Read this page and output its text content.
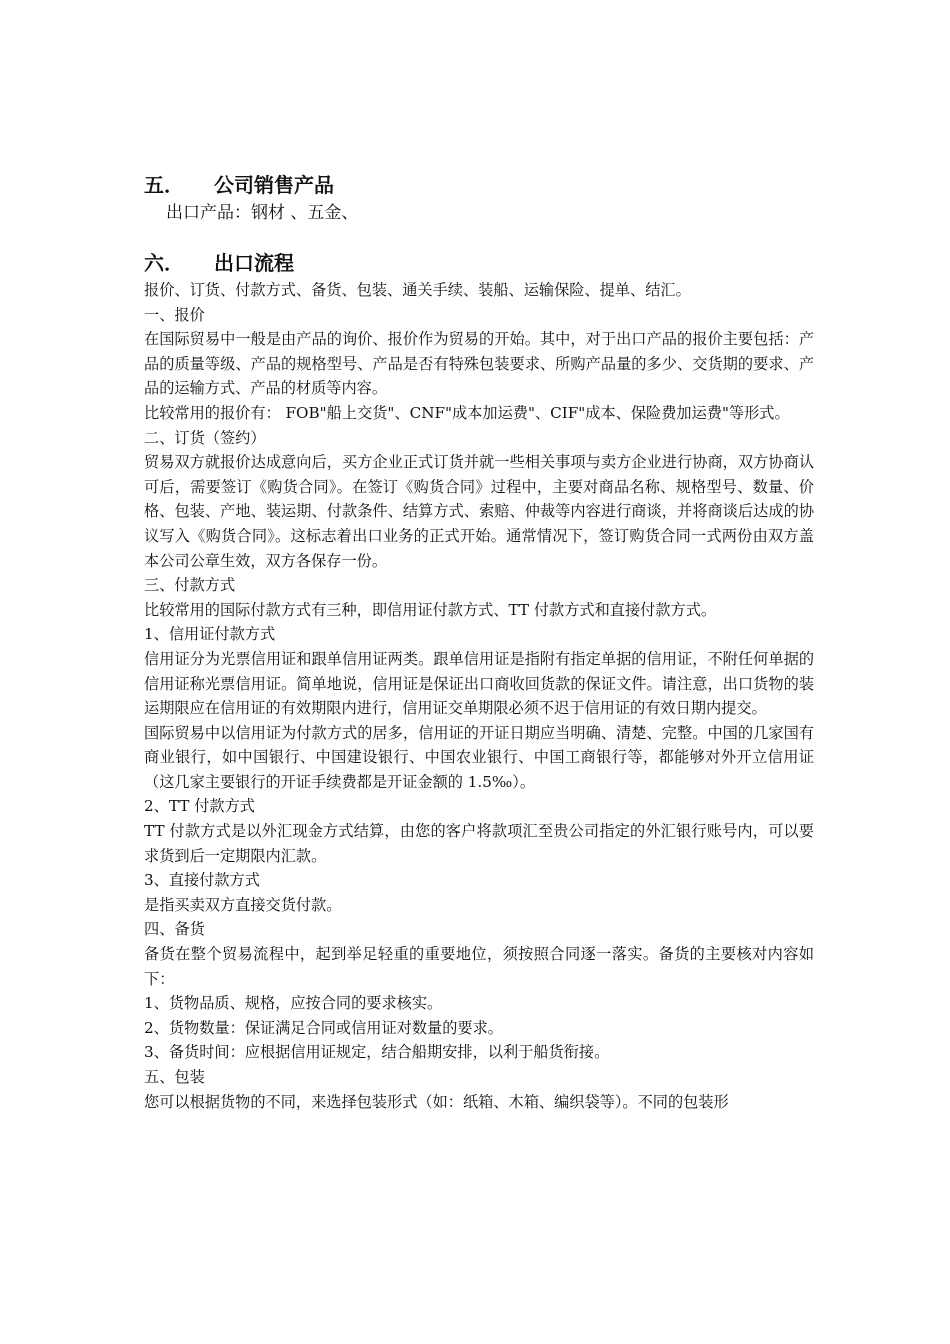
五． 公司销售产品

出口产品：钢材 、五金、

六． 出口流程

报价、订货、付款方式、备货、包装、通关手续、装船、运输保险、提单、结汇。

一、报价

在国际贸易中一般是由产品的询价、报价作为贸易的开始。其中，对于出口产品的报价主要包括：产品的质量等级、产品的规格型号、产品是否有特殊包装要求、所购产品量的多少、交货期的要求、产品的运输方式、产品的材质等内容。

比较常用的报价有： FOB"船上交货"、CNF"成本加运费"、CIF"成本、保险费加运费"等形式。

二、订货（签约）

贸易双方就报价达成意向后，买方企业正式订货并就一些相关事项与卖方企业进行协商，双方协商认可后，需要签订《购货合同》。在签订《购货合同》过程中，主要对商品名称、规格型号、数量、价格、包装、产地、装运期、付款条件、结算方式、索赔、仲裁等内容进行商谈，并将商谈后达成的协议写入《购货合同》。这标志着出口业务的正式开始。通常情况下，签订购货合同一式两份由双方盖本公司公章生效，双方各保存一份。

三、付款方式

比较常用的国际付款方式有三种，即信用证付款方式、TT 付款方式和直接付款方式。

1、信用证付款方式

信用证分为光票信用证和跟单信用证两类。跟单信用证是指附有指定单据的信用证，不附任何单据的信用证称光票信用证。简单地说，信用证是保证出口商收回货款的保证文件。请注意，出口货物的装运期限应在信用证的有效期限内进行，信用证交单期限必须不迟于信用证的有效日期内提交。

国际贸易中以信用证为付款方式的居多，信用证的开证日期应当明确、清楚、完整。中国的几家国有商业银行，如中国银行、中国建设银行、中国农业银行、中国工商银行等，都能够对外开立信用证（这几家主要银行的开证手续费都是开证金额的 1.5‰）。

2、TT 付款方式

TT 付款方式是以外汇现金方式结算，由您的客户将款项汇至贵公司指定的外汇银行账号内，可以要求货到后一定期限内汇款。

3、直接付款方式

是指买卖双方直接交货付款。

四、备货

备货在整个贸易流程中，起到举足轻重的重要地位，须按照合同逐一落实。备货的主要核对内容如下：

1、货物品质、规格，应按合同的要求核实。

2、货物数量：保证满足合同或信用证对数量的要求。

3、备货时间：应根据信用证规定，结合船期安排，以利于船货衔接。

五、包装

您可以根据货物的不同，来选择包装形式（如：纸箱、木箱、编织袋等）。不同的包装形
